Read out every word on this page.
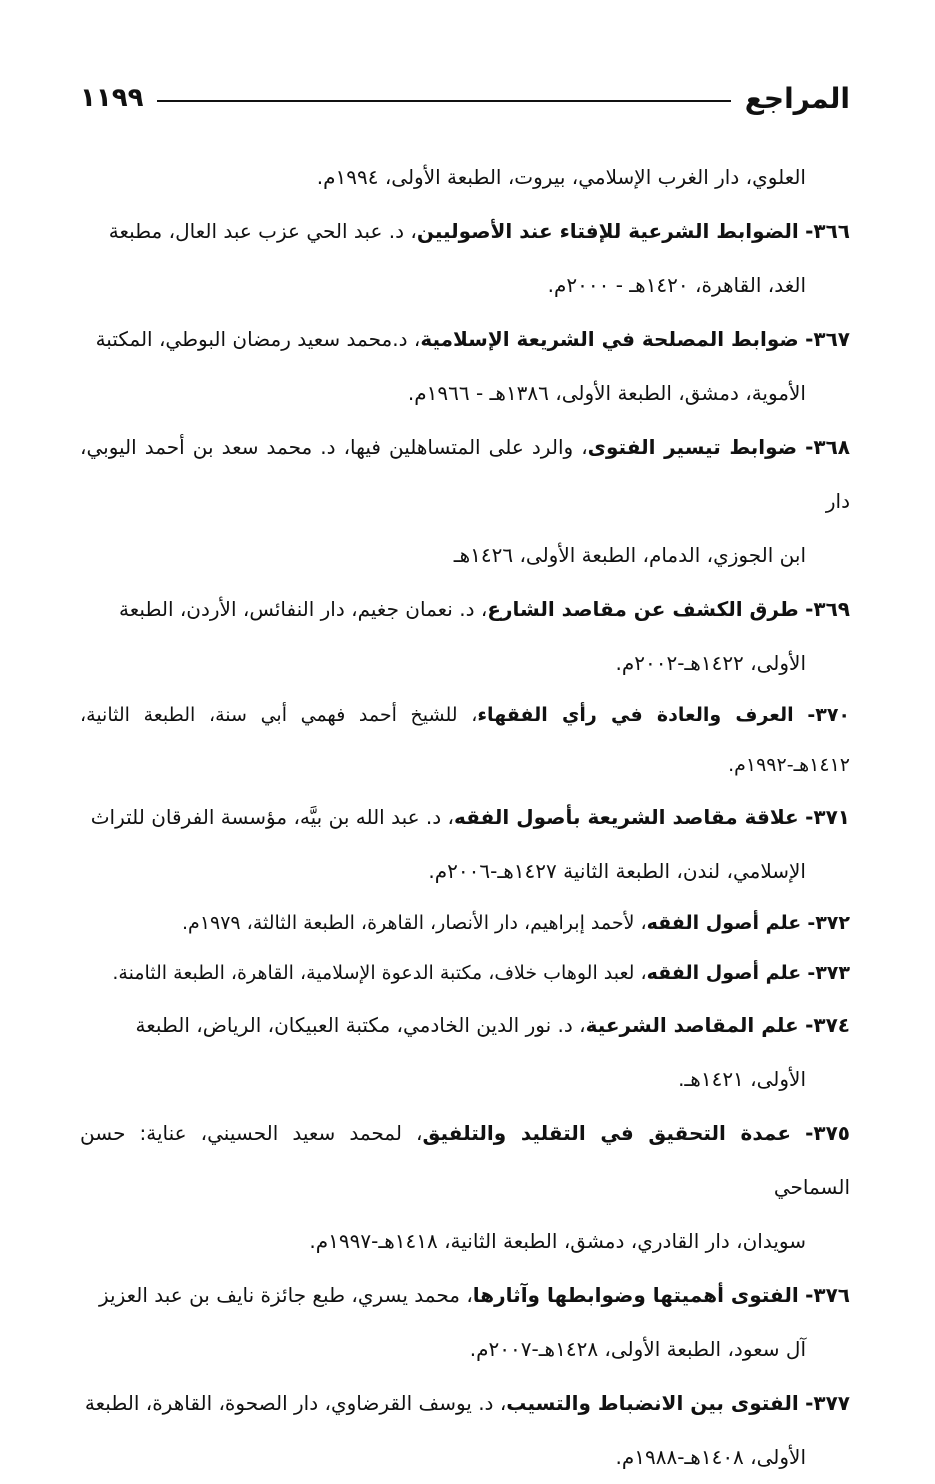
المراجع
١١٩٩
العلوي، دار الغرب الإسلامي، بيروت، الطبعة الأولى، ١٩٩٤م.
٣٦٦- الضوابط الشرعية للإفتاء عند الأصوليين، د. عبد الحي عزب عبد العال، مطبعة
الغد، القاهرة، ١٤٢٠هـ - ٢٠٠٠م.
٣٦٧- ضوابط المصلحة في الشريعة الإسلامية، د.محمد سعيد رمضان البوطي، المكتبة
الأموية، دمشق، الطبعة الأولى، ١٣٨٦هـ - ١٩٦٦م.
٣٦٨- ضوابط تيسير الفتوى، والرد على المتساهلين فيها، د. محمد سعد بن أحمد اليوبي، دار
ابن الجوزي، الدمام، الطبعة الأولى، ١٤٢٦هـ
٣٦٩- طرق الكشف عن مقاصد الشارع، د. نعمان جغيم، دار النفائس، الأردن، الطبعة
الأولى، ١٤٢٢هـ-٢٠٠٢م.
٣٧٠- العرف والعادة في رأي الفقهاء، للشيخ أحمد فهمي أبي سنة، الطبعة الثانية، ١٤١٢هـ-١٩٩٢م.
٣٧١- علاقة مقاصد الشريعة بأصول الفقه، د. عبد الله بن بيَّه، مؤسسة الفرقان للتراث
الإسلامي، لندن، الطبعة الثانية ١٤٢٧هـ-٢٠٠٦م.
٣٧٢- علم أصول الفقه، لأحمد إبراهيم، دار الأنصار، القاهرة، الطبعة الثالثة، ١٩٧٩م.
٣٧٣- علم أصول الفقه، لعبد الوهاب خلاف، مكتبة الدعوة الإسلامية، القاهرة، الطبعة الثامنة.
٣٧٤- علم المقاصد الشرعية، د. نور الدين الخادمي، مكتبة العبيكان، الرياض، الطبعة
الأولى، ١٤٢١هـ.
٣٧٥- عمدة التحقيق في التقليد والتلفيق، لمحمد سعيد الحسيني، عناية: حسن السماحي
سويدان، دار القادري، دمشق، الطبعة الثانية، ١٤١٨هـ-١٩٩٧م.
٣٧٦- الفتوى أهميتها وضوابطها وآثارها، محمد يسري، طبع جائزة نايف بن عبد العزيز
آل سعود، الطبعة الأولى، ١٤٢٨هـ-٢٠٠٧م.
٣٧٧- الفتوى بين الانضباط والتسيب، د. يوسف القرضاوي، دار الصحوة، القاهرة، الطبعة
الأولى، ١٤٠٨هـ-١٩٨٨م.
